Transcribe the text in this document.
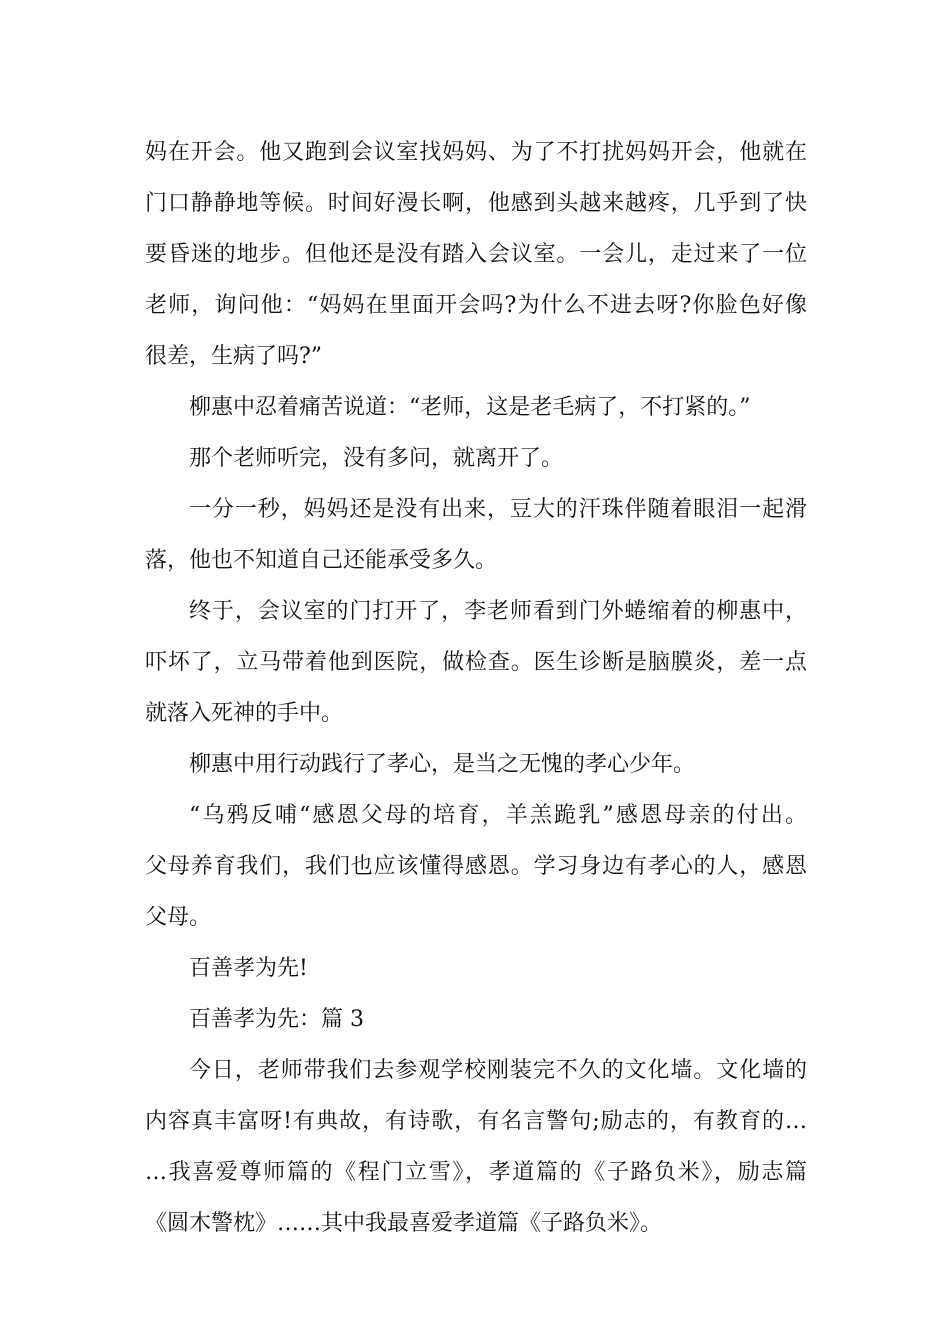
妈在开会。他又跑到会议室找妈妈、为了不打扰妈妈开会，他就在
门口静静地等候。时间好漫长啊，他感到头越来越疼，几乎到了快
要昏迷的地步。但他还是没有踏入会议室。一会儿，走过来了一位
老师，询问他：“妈妈在里面开会吗?为什么不进去呀?你脸色好像
很差，生病了吗?”
柳惠中忍着痛苦说道：“老师，这是老毛病了，不打紧的。”
那个老师听完，没有多问，就离开了。
一分一秒，妈妈还是没有出来，豆大的汗珠伴随着眼泪一起滑
落，他也不知道自己还能承受多久。
终于，会议室的门打开了，李老师看到门外蜷缩着的柳惠中，
吓坏了，立马带着他到医院，做检查。医生诊断是脑膜炎，差一点
就落入死神的手中。
柳惠中用行动践行了孝心，是当之无愧的孝心少年。
“乌鸦反哺“感恩父母的培育，羊羔跪乳”感恩母亲的付出。
父母养育我们，我们也应该懂得感恩。学习身边有孝心的人，感恩
父母。
百善孝为先!
百善孝为先：篇 3
今日，老师带我们去参观学校刚装完不久的文化墙。文化墙的
内容真丰富呀!有典故，有诗歌，有名言警句;励志的，有教育的…
…我喜爱尊师篇的《程门立雪》，孝道篇的《子路负米》，励志篇
《圆木警枕》……其中我最喜爱孝道篇《子路负米》。
